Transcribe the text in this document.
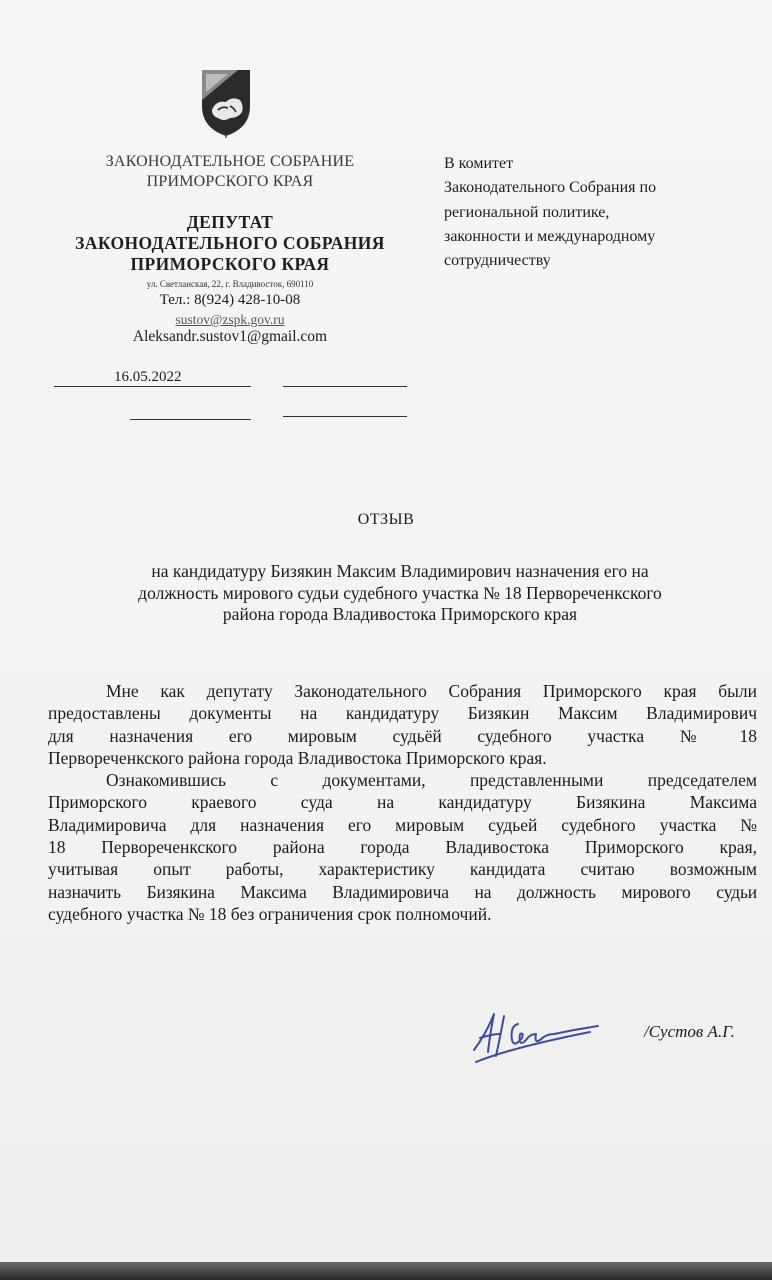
ЗАКОНОДАТЕЛЬНОЕ СОБРАНИЕ
ПРИМОРСКОГО КРАЯ
ДЕПУТАТ
ЗАКОНОДАТЕЛЬНОГО СОБРАНИЯ
ПРИМОРСКОГО КРАЯ
ул. Светланская, 22, г. Владивосток, 690110
Тел.: 8(924) 428-10-08
sustov@zspk.gov.ru
Aleksandr.sustov1@gmail.com
16.05.2022
В комитет
Законодательного Собрания по
региональной политике,
законности и международному
сотрудничеству
ОТЗЫВ
на кандидатуру Бизякин Максим Владимирович назначения его на
должность мирового судьи судебного участка № 18 Первореченкского
района города Владивостока Приморского края
Мне как депутату Законодательного Собрания Приморского края были
предоставлены документы на кандидатуру Бизякин Максим Владимирович
для назначения его мировым судьёй судебного участка № 18
Первореченкского района города Владивостока Приморского края.
Ознакомившись с документами, представленными председателем
Приморского краевого суда на кандидатуру Бизякина Максима
Владимировича для назначения его мировым судьей судебного участка №
18 Первореченкского района города Владивостока Приморского края,
учитывая опыт работы, характеристику кандидата считаю возможным
назначить Бизякина Максима Владимировича на должность мирового судьи
судебного участка № 18 без ограничения срок полномочий.
/Сустов А.Г.
